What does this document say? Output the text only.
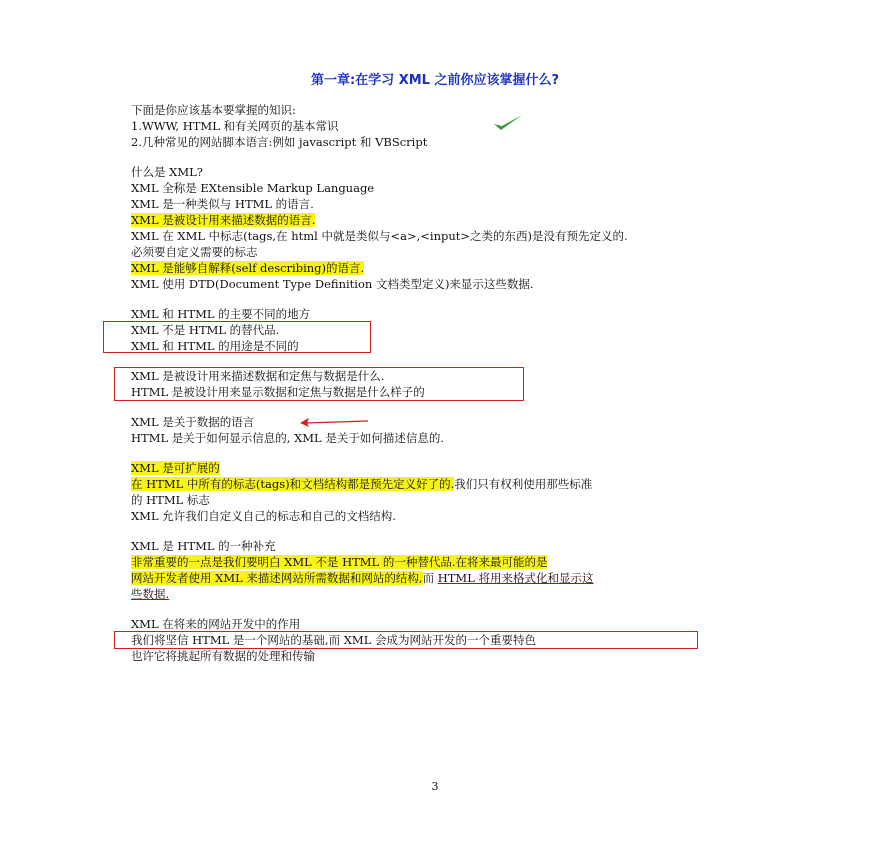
第一章:在学习 XML 之前你应该掌握什么?
下面是你应该基本要掌握的知识:
1.WWW, HTML 和有关网页的基本常识
2.几种常见的网站脚本语言:例如 javascript 和 VBScript
什么是 XML?
XML 全称是 EXtensible Markup Language
XML 是一种类似与 HTML 的语言.
XML 是被设计用来描述数据的语言.
XML 在 XML 中标志(tags,在 html 中就是类似与<a>,<input>之类的东西)是没有预先定义的.
必须要自定义需要的标志
XML 是能够自解释(self describing)的语言.
XML 使用 DTD(Document Type Definition 文档类型定义)来显示这些数据.
XML 和 HTML 的主要不同的地方
XML 不是 HTML 的替代品.
XML 和 HTML 的用途是不同的
XML 是被设计用来描述数据和定焦与数据是什么.
HTML 是被设计用来显示数据和定焦与数据是什么样子的
XML 是关于数据的语言
HTML 是关于如何显示信息的, XML 是关于如何描述信息的.
XML 是可扩展的
在 HTML 中所有的标志(tags)和文档结构都是预先定义好了的.我们只有权利使用那些标准
的 HTML 标志
XML 允许我们自定义自己的标志和自己的文档结构.
XML 是 HTML 的一种补充
非常重要的一点是我们要明白 XML 不是 HTML 的一种替代品.在将来最可能的是
网站开发者使用 XML 来描述网站所需数据和网站的结构,而 HTML 将用来格式化和显示这
些数据.
XML 在将来的网站开发中的作用
我们将坚信 HTML 是一个网站的基础,而 XML 会成为网站开发的一个重要特色
也许它将挑起所有数据的处理和传输
3
